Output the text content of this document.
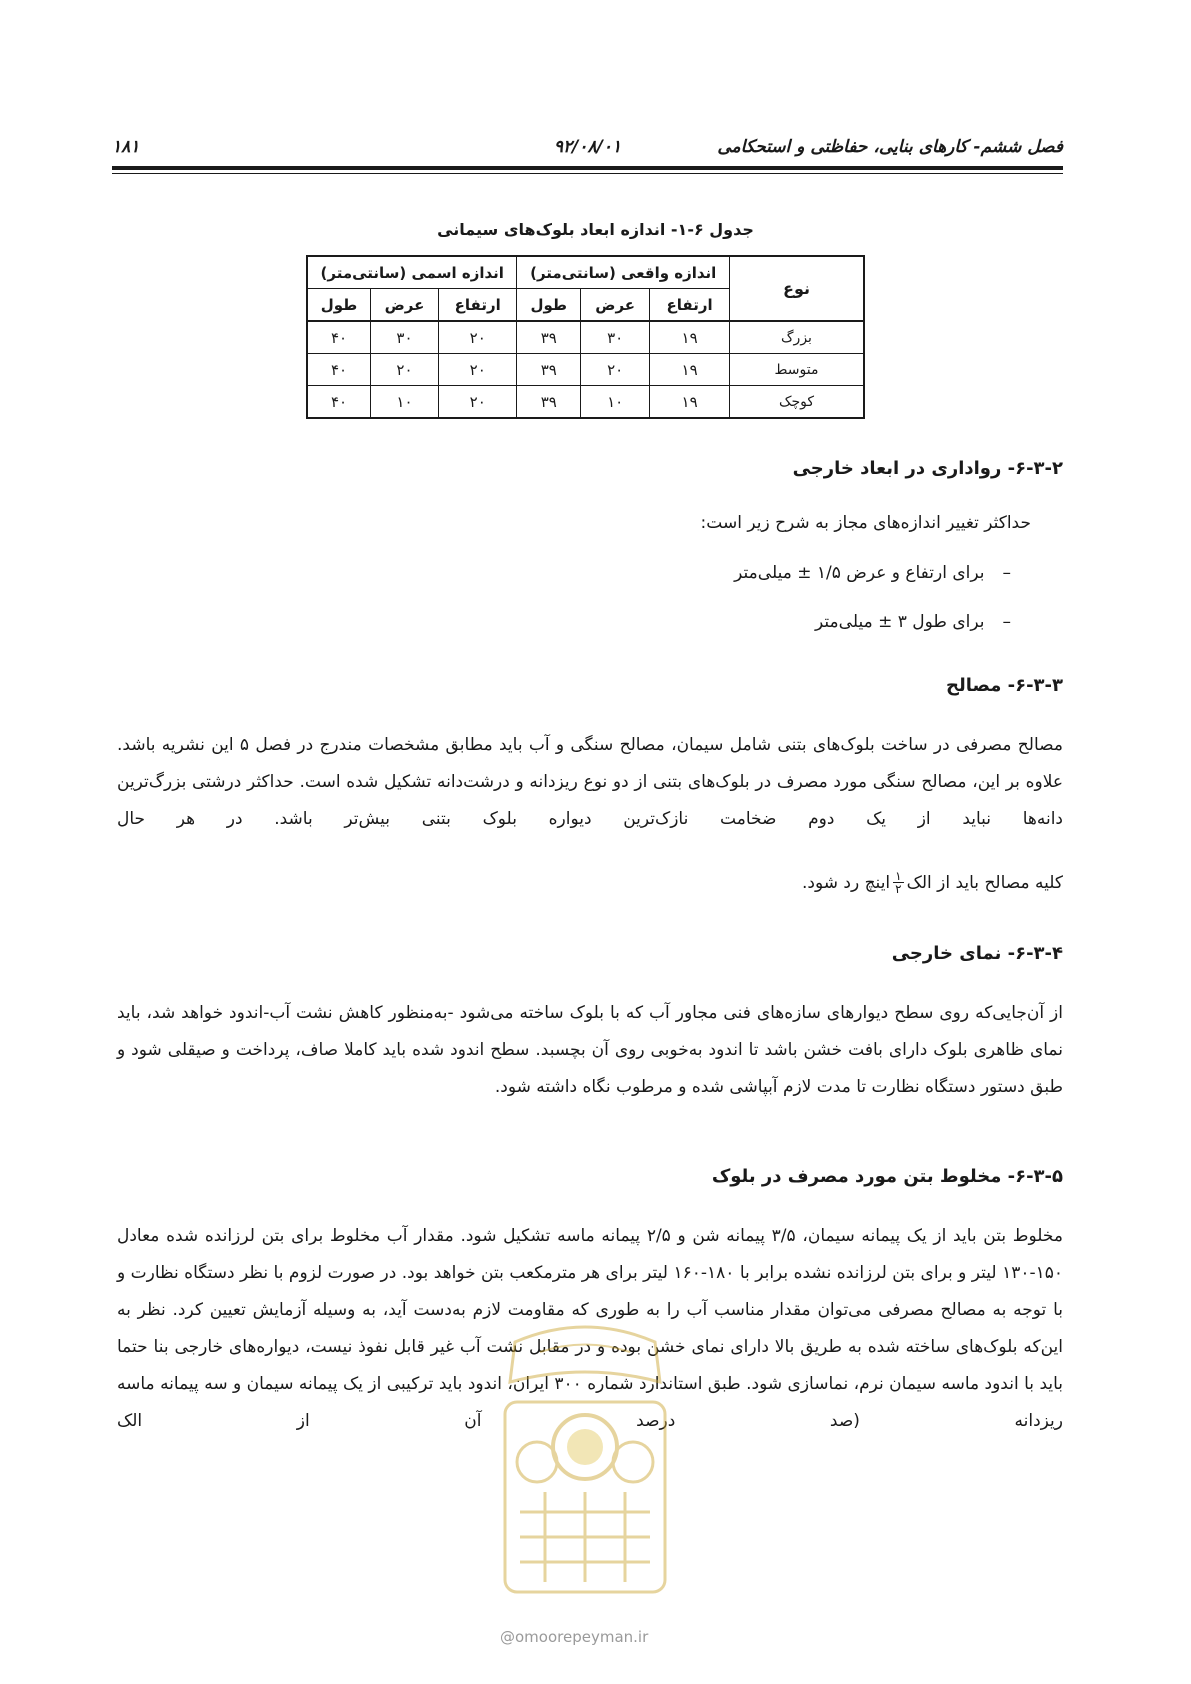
فصل ششم- کارهای بنایی، حفاظتی و استحکامی
۹۲/۰۸/۰۱
۱۸۱
جدول ۶-۱- اندازه ابعاد بلوک‌های سیمانی
نوع	اندازه واقعی (سانتی‌متر)			اندازه اسمی (سانتی‌متر)		
	ارتفاع	عرض	طول	ارتفاع	عرض	طول
بزرگ	۱۹	۳۰	۳۹	۲۰	۳۰	۴۰
متوسط	۱۹	۲۰	۳۹	۲۰	۲۰	۴۰
کوچک	۱۹	۱۰	۳۹	۲۰	۱۰	۴۰
۶-۳-۲- رواداری در ابعاد خارجی
حداکثر تغییر اندازه‌های مجاز به شرح زیر است:
–
برای ارتفاع و عرض ۱/۵ ± میلی‌متر
–
برای طول ۳ ± میلی‌متر
۶-۳-۳- مصالح
مصالح مصرفی در ساخت بلوک‌های بتنی شامل سیمان، مصالح سنگی و آب باید مطابق مشخصات مندرج در فصل ۵ این نشریه باشد. علاوه بر این، مصالح سنگی مورد مصرف در بلوک‌های بتنی از دو نوع ریزدانه و درشت‌دانه تشکیل شده است. حداکثر درشتی بزرگ‌ترین دانه‌ها نباید از یک دوم ضخامت نازک‌ترین دیواره بلوک بتنی بیش‌تر باشد. در هر حال
کلیه مصالح باید از الک
$\frac{۱}{۲}$
اینچ رد شود.
۶-۳-۴- نمای خارجی
از آن‌جایی‌که روی سطح دیوارهای سازه‌های فنی مجاور آب که با بلوک ساخته می‌شود -به‌منظور کاهش نشت آب-اندود خواهد شد، باید نمای ظاهری بلوک دارای بافت خشن باشد تا اندود به‌خوبی روی آن بچسبد. سطح اندود شده باید کاملا صاف، پرداخت و صیقلی شود و طبق دستور دستگاه نظارت تا مدت لازم آبپاشی شده و مرطوب نگاه داشته شود.
۶-۳-۵- مخلوط بتن مورد مصرف در بلوک
مخلوط بتن باید از یک پیمانه سیمان، ۳/۵ پیمانه شن و ۲/۵ پیمانه ماسه تشکیل شود. مقدار آب مخلوط برای بتن لرزانده شده معادل ۱۵۰-۱۳۰ لیتر و برای بتن لرزانده نشده برابر با ۱۸۰-۱۶۰ لیتر برای هر مترمکعب بتن خواهد بود. در صورت لزوم با نظر دستگاه نظارت و با توجه به مصالح مصرفی می‌توان مقدار مناسب آب را به طوری که مقاومت لازم به‌دست آید، به وسیله آزمایش تعیین کرد. نظر به این‌که بلوک‌های ساخته شده به طریق بالا دارای نمای خشن بوده و در مقابل نشت آب غیر قابل نفوذ نیست، دیواره‌های خارجی بنا حتما باید با اندود ماسه سیمان نرم، نماسازی شود. طبق استاندارد شماره ۳۰۰ ایران، اندود باید ترکیبی از یک پیمانه سیمان و سه پیمانه ماسه ریزدانه (صد درصد آن از الک
@omoorepeyman.ir
